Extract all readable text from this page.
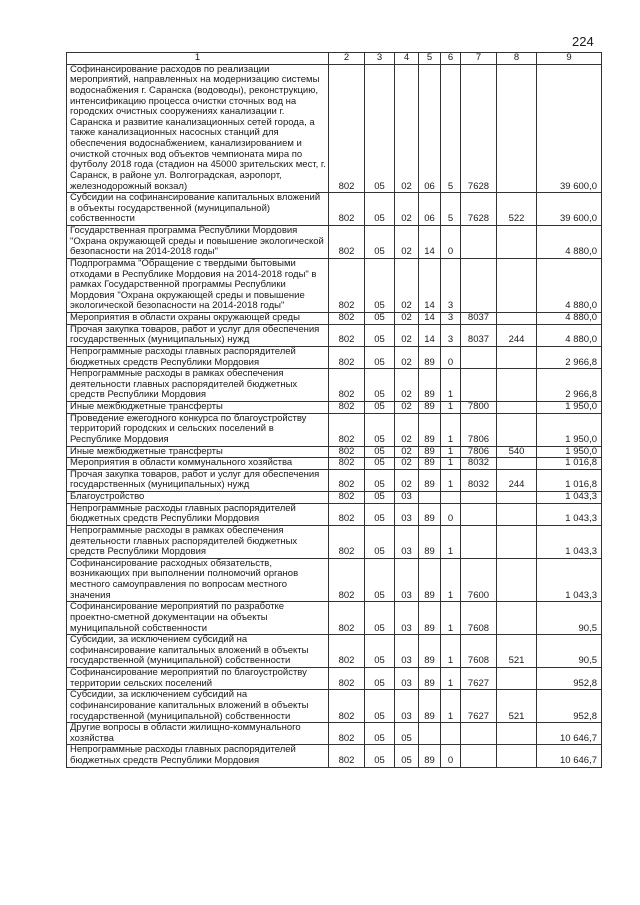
224
1	2	3	4	5	6	7	8	9
Софинансирование расходов по реализации мероприятий, направленных на модернизацию системы водоснабжения г. Саранска (водоводы), реконструкцию, интенсификацию процесса очистки сточных вод на городских очистных сооружениях канализации г. Саранска и развитие канализационных сетей города, а также канализационных насосных станций для обеспечения водоснабжением, канализированием и очисткой сточных вод объектов чемпионата мира по футболу 2018 года (стадион на 45000 зрительских мест, г. Саранск, в районе ул. Волгоградская, аэропорт, железнодорожный вокзал)	802	05	02	06	5	7628		39 600,0
Субсидии на софинансирование капитальных вложений в объекты государственной (муниципальной) собственности	802	05	02	06	5	7628	522	39 600,0
Государственная программа Республики Мордовия "Охрана окружающей среды и повышение экологической безопасности на 2014-2018 годы"	802	05	02	14	0			4 880,0
Подпрограмма "Обращение с твердыми бытовыми отходами в Республике Мордовия на 2014-2018 годы" в рамках Государственной программы Республики Мордовия "Охрана окружающей среды и повышение экологической безопасности на 2014-2018 годы"	802	05	02	14	3			4 880,0
Мероприятия в области охраны окружающей среды	802	05	02	14	3	8037		4 880,0
Прочая закупка товаров, работ и услуг для обеспечения государственных (муниципальных) нужд	802	05	02	14	3	8037	244	4 880,0
Непрограммные расходы главных распорядителей бюджетных средств Республики Мордовия	802	05	02	89	0			2 966,8
Непрограммные расходы в рамках обеспечения деятельности главных распорядителей бюджетных средств Республики Мордовия	802	05	02	89	1			2 966,8
Иные межбюджетные трансферты	802	05	02	89	1	7800		1 950,0
Проведение ежегодного конкурса по благоустройству территорий городских и сельских поселений в Республике Мордовия	802	05	02	89	1	7806		1 950,0
Иные межбюджетные трансферты	802	05	02	89	1	7806	540	1 950,0
Мероприятия в области коммунального хозяйства	802	05	02	89	1	8032		1 016,8
Прочая закупка товаров, работ и услуг для обеспечения государственных (муниципальных) нужд	802	05	02	89	1	8032	244	1 016,8
Благоустройство	802	05	03					1 043,3
Непрограммные расходы главных распорядителей бюджетных средств Республики Мордовия	802	05	03	89	0			1 043,3
Непрограммные расходы в рамках обеспечения деятельности главных распорядителей бюджетных средств Республики Мордовия	802	05	03	89	1			1 043,3
Софинансирование расходных обязательств, возникающих при выполнении полномочий органов местного самоуправления по вопросам местного значения	802	05	03	89	1	7600		1 043,3
Софинансирование мероприятий по разработке проектно-сметной документации на объекты муниципальной собственности	802	05	03	89	1	7608		90,5
Субсидии, за исключением субсидий на софинансирование капитальных вложений в объекты государственной (муниципальной) собственности	802	05	03	89	1	7608	521	90,5
Софинансирование мероприятий по благоустройству территории сельских поселений	802	05	03	89	1	7627		952,8
Субсидии, за исключением субсидий на софинансирование капитальных вложений в объекты государственной (муниципальной) собственности	802	05	03	89	1	7627	521	952,8
Другие вопросы в области жилищно-коммунального хозяйства	802	05	05					10 646,7
Непрограммные расходы главных распорядителей бюджетных средств Республики Мордовия	802	05	05	89	0			10 646,7
